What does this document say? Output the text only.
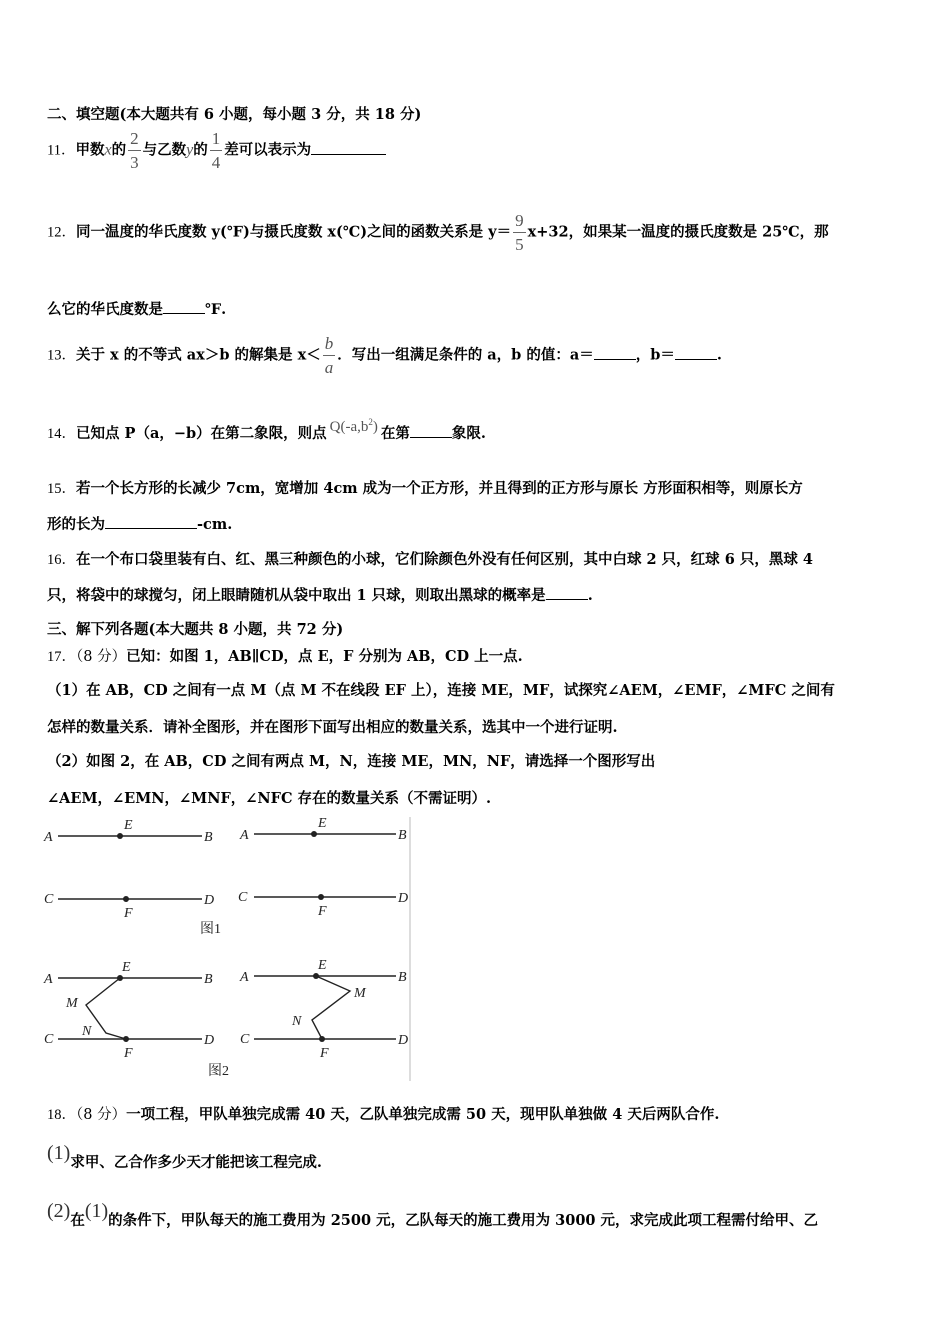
二、填空题(本大题共有 6 小题，每小题 3 分，共 18 分)
11．甲数x的 $\frac{2}{3}$ 与乙数y的 $\frac{1}{4}$ 差可以表示为
12．同一温度的华氏度数 y(℉)与摄氏度数 x(℃)之间的函数关系是 $y= \frac{9}{5} x+32$，如果某一温度的摄氏度数是 25℃，那
么它的华氏度数是	℉.
13．关于 x 的不等式 ax＞b 的解集是 $x< \frac{b}{a}$ ．写出一组满足条件的 a，b 的值：a＝	，b＝	.
14．已知点 P（a，−b）在第二象限，则点 $Q(-a,b^2)$ 在第	象限.
15．若一个长方形的长减少 7cm，宽增加 4cm 成为一个正方形，并且得到的正方形与原长 方形面积相等，则原长方
形的长为	-cm.
16．在一个布口袋里装有白、红、黑三种颜色的小球，它们除颜色外没有任何区别，其中白球 2 只，红球 6 只，黑球 4
只，将袋中的球搅匀，闭上眼睛随机从袋中取出 1 只球，则取出黑球的概率是	.
三、解下列各题(本大题共 8 小题，共 72 分)
17．（8 分）已知：如图 1，AB∥CD，点 E，F 分别为 AB，CD 上一点.
（1）在 AB，CD 之间有一点 M（点 M 不在线段 EF 上），连接 ME，MF，试探究∠AEM，∠EMF，∠MFC 之间有
怎样的数量关系．请补全图形，并在图形下面写出相应的数量关系，选其中一个进行证明.
（2）如图 2，在 AB，CD 之间有两点 M，N，连接 ME，MN，NF，请选择一个图形写出
∠AEM，∠EMN，∠MNF，∠NFC 存在的数量关系（不需证明）.
A
E
B
C
F
D
A
E
B
C
F
D
图1
A
E
B
M
N
C
F
D
A
E
B
M
N
C
F
D
图2
18．（8 分）一项工程，甲队单独完成需 40 天，乙队单独完成需 50 天，现甲队单独做 4 天后两队合作.
(1)求甲、乙合作多少天才能把该工程完成.
(2)在(1)的条件下，甲队每天的施工费用为 2500 元，乙队每天的施工费用为 3000 元，求完成此项工程需付给甲、乙
